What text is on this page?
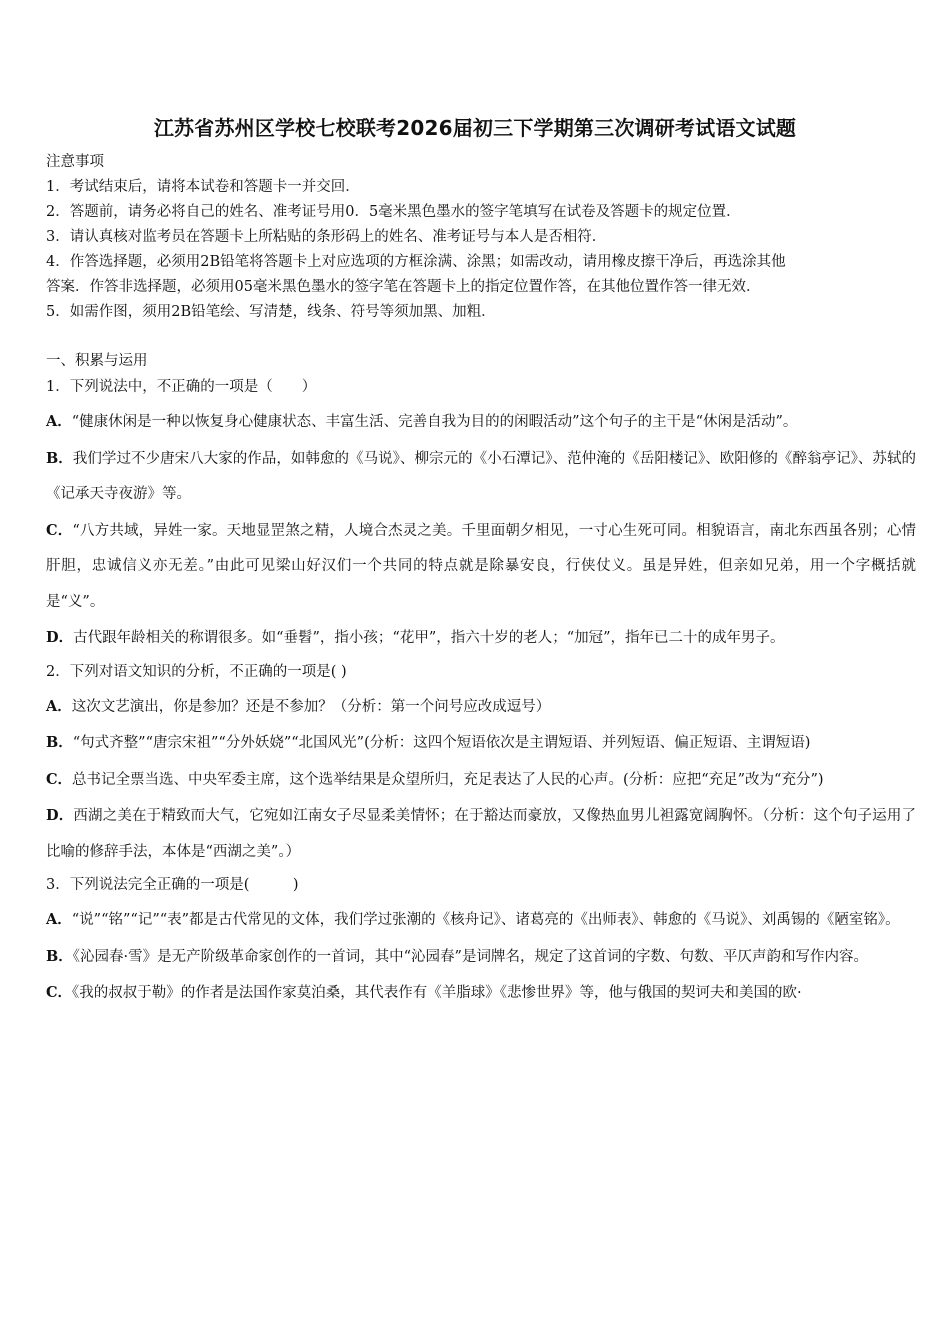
江苏省苏州区学校七校联考2026届初三下学期第三次调研考试语文试题
注意事项
1．考试结束后，请将本试卷和答题卡一并交回．
2．答题前，请务必将自己的姓名、准考证号用0．5毫米黑色墨水的签字笔填写在试卷及答题卡的规定位置．
3．请认真核对监考员在答题卡上所粘贴的条形码上的姓名、准考证号与本人是否相符．
4．作答选择题，必须用2B铅笔将答题卡上对应选项的方框涂满、涂黑；如需改动，请用橡皮擦干净后，再选涂其他
答案．作答非选择题，必须用05毫米黑色墨水的签字笔在答题卡上的指定位置作答，在其他位置作答一律无效．
5．如需作图，须用2B铅笔绘、写清楚，线条、符号等须加黑、加粗．
一、积累与运用
1．下列说法中，不正确的一项是（　　）
A．“健康休闲是一种以恢复身心健康状态、丰富生活、完善自我为目的的闲暇活动”这个句子的主干是“休闲是活动”。
B．我们学过不少唐宋八大家的作品，如韩愈的《马说》、柳宗元的《小石潭记》、范仲淹的《岳阳楼记》、欧阳修的《醉翁亭记》、苏轼的《记承天寺夜游》等。
C．“八方共域，异姓一家。天地显罡煞之精，人境合杰灵之美。千里面朝夕相见，一寸心生死可同。相貌语言，南北东西虽各别；心情肝胆，忠诚信义亦无差。”由此可见梁山好汉们一个共同的特点就是除暴安良，行侠仗义。虽是异姓，但亲如兄弟，用一个字概括就是“义”。
D．古代跟年龄相关的称谓很多。如“垂髫”，指小孩；“花甲”，指六十岁的老人；“加冠”，指年已二十的成年男子。
2．下列对语文知识的分析，不正确的一项是( )
A．这次文艺演出，你是参加？还是不参加？（分析：第一个问号应改成逗号）
B．“句式齐整”“唐宗宋祖”“分外妖娆”“北国风光”(分析：这四个短语依次是主谓短语、并列短语、偏正短语、主谓短语)
C．总书记全票当选、中央军委主席，这个选举结果是众望所归，充足表达了人民的心声。(分析：应把“充足”改为“充分”)
D．西湖之美在于精致而大气，它宛如江南女子尽显柔美情怀；在于豁达而豪放，又像热血男儿袒露宽阔胸怀。（分析：这个句子运用了比喻的修辞手法，本体是“西湖之美”。）
3．下列说法完全正确的一项是(　　　)
A．“说”“铭”“记”“表”都是古代常见的文体，我们学过张潮的《核舟记》、诸葛亮的《出师表》、韩愈的《马说》、刘禹锡的《陋室铭》。
B．《沁园春·雪》是无产阶级革命家创作的一首词，其中“沁园春”是词牌名，规定了这首词的字数、句数、平仄声韵和写作内容。
C．《我的叔叔于勒》的作者是法国作家莫泊桑，其代表作有《羊脂球》《悲惨世界》等，他与俄国的契诃夫和美国的欧·
